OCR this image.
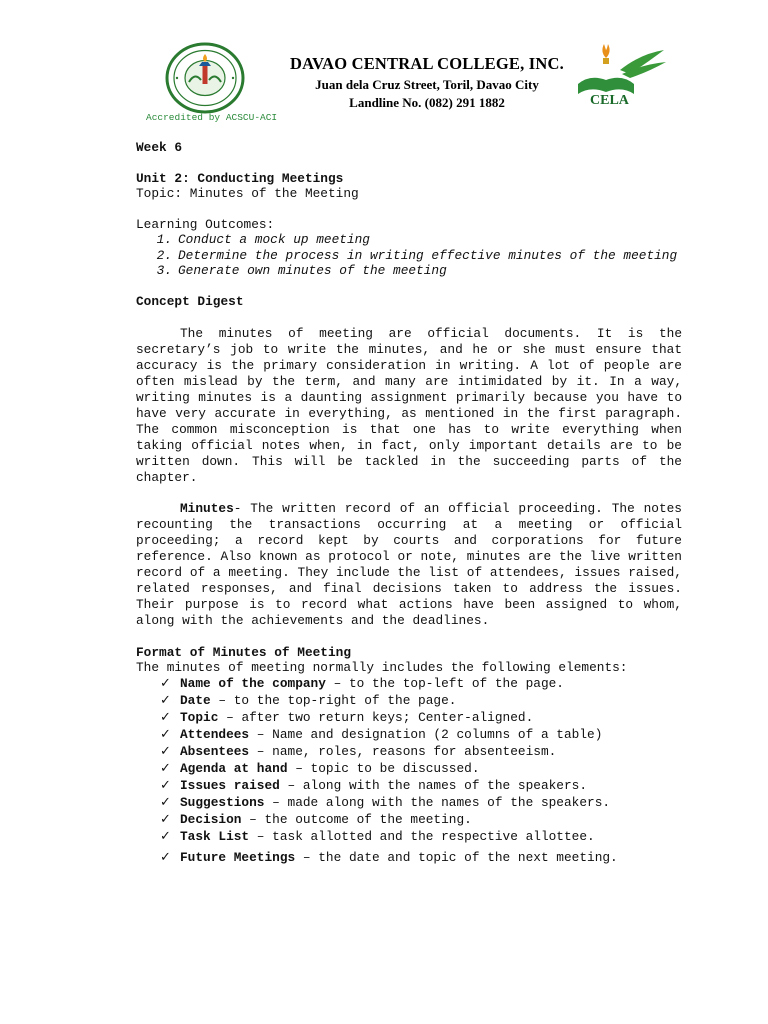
Accredited by ACSCU-ACI
DAVAO CENTRAL COLLEGE, INC.
Juan dela Cruz Street, Toril, Davao City
Landline No. (082) 291 1882	CELA
Week 6
Unit 2: Conducting Meetings
Topic: Minutes of the Meeting
Learning Outcomes:
1. Conduct a mock up meeting
2. Determine the process in writing effective minutes of the meeting
3. Generate own minutes of the meeting
Concept Digest

The minutes of meeting are official documents. It is the secretary’s job to write the minutes, and he or she must ensure that accuracy is the primary consideration in writing. A lot of people are often mislead by the term, and many are intimidated by it. In a way, writing minutes is a daunting assignment primarily because you have to have very accurate in everything, as mentioned in the first paragraph. The common misconception is that one has to write everything when taking official notes when, in fact, only important details are to be written down. This will be tackled in the succeeding parts of the chapter.

Minutes- The written record of an official proceeding. The notes recounting the transactions occurring at a meeting or official proceeding; a record kept by courts and corporations for future reference. Also known as protocol or note, minutes are the live written record of a meeting. They include the list of attendees, issues raised, related responses, and final decisions taken to address the issues. Their purpose is to record what actions have been assigned to whom, along with the achievements and the deadlines.

Format of Minutes of Meeting
The minutes of meeting normally includes the following elements:
✓ Name of the company – to the top-left of the page.
✓ Date – to the top-right of the page.
✓ Topic – after two return keys; Center-aligned.
✓ Attendees – Name and designation (2 columns of a table)
✓ Absentees – name, roles, reasons for absenteeism.
✓ Agenda at hand – topic to be discussed.
✓ Issues raised – along with the names of the speakers.
✓ Suggestions – made along with the names of the speakers.
✓ Decision – the outcome of the meeting.
✓ Task List – task allotted and the respective allottee.
✓ Future Meetings – the date and topic of the next meeting.
